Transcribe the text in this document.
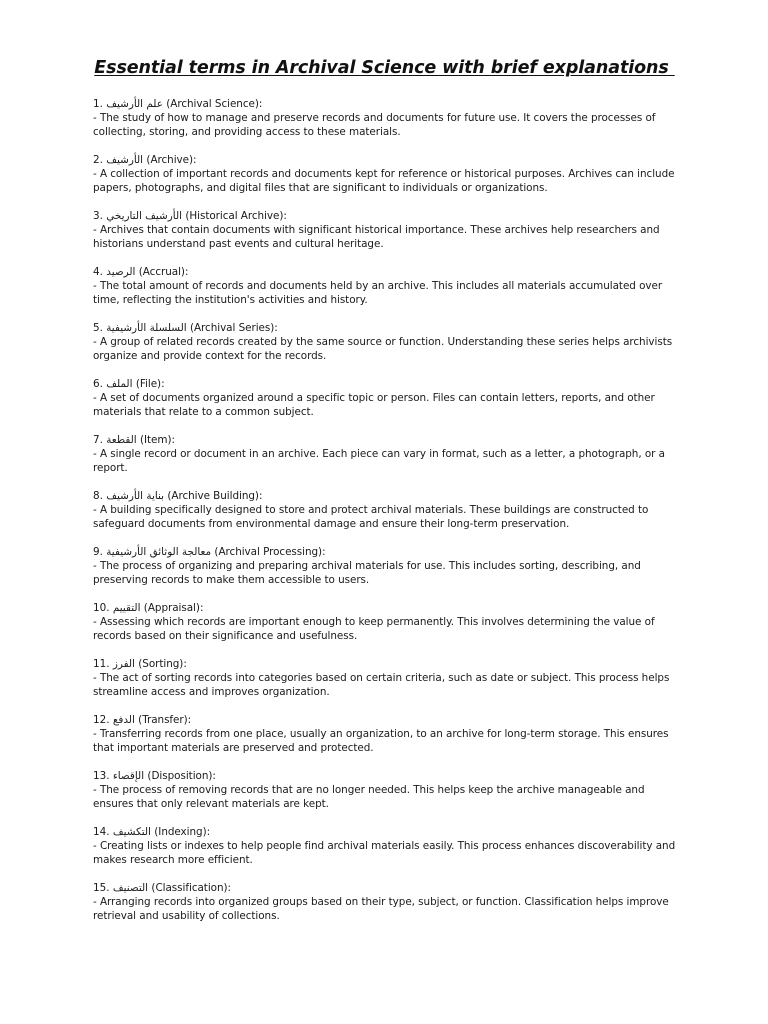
Essential terms in Archival Science with brief explanations
1. علم الأرشيف (Archival Science):
- The study of how to manage and preserve records and documents for future use. It covers the processes of collecting, storing, and providing access to these materials.
2. الأرشيف (Archive):
- A collection of important records and documents kept for reference or historical purposes. Archives can include papers, photographs, and digital files that are significant to individuals or organizations.
3. الأرشيف التاريخي (Historical Archive):
- Archives that contain documents with significant historical importance. These archives help researchers and historians understand past events and cultural heritage.
4. الرصيد (Accrual):
- The total amount of records and documents held by an archive. This includes all materials accumulated over time, reflecting the institution's activities and history.
5. السلسلة الأرشيفية (Archival Series):
- A group of related records created by the same source or function. Understanding these series helps archivists organize and provide context for the records.
6. الملف (File):
- A set of documents organized around a specific topic or person. Files can contain letters, reports, and other materials that relate to a common subject.
7. القطعة (Item):
- A single record or document in an archive. Each piece can vary in format, such as a letter, a photograph, or a report.
8. بناية الأرشيف (Archive Building):
- A building specifically designed to store and protect archival materials. These buildings are constructed to safeguard documents from environmental damage and ensure their long-term preservation.
9. معالجة الوثائق الأرشيفية (Archival Processing):
- The process of organizing and preparing archival materials for use. This includes sorting, describing, and preserving records to make them accessible to users.
10. التقييم (Appraisal):
- Assessing which records are important enough to keep permanently. This involves determining the value of records based on their significance and usefulness.
11. الفرز (Sorting):
- The act of sorting records into categories based on certain criteria, such as date or subject. This process helps streamline access and improves organization.
12. الدفع (Transfer):
- Transferring records from one place, usually an organization, to an archive for long-term storage. This ensures that important materials are preserved and protected.
13. الإقصاء (Disposition):
- The process of removing records that are no longer needed. This helps keep the archive manageable and ensures that only relevant materials are kept.
14. التكشيف (Indexing):
- Creating lists or indexes to help people find archival materials easily. This process enhances discoverability and makes research more efficient.
15. التصنيف (Classification):
- Arranging records into organized groups based on their type, subject, or function. Classification helps improve retrieval and usability of collections.
